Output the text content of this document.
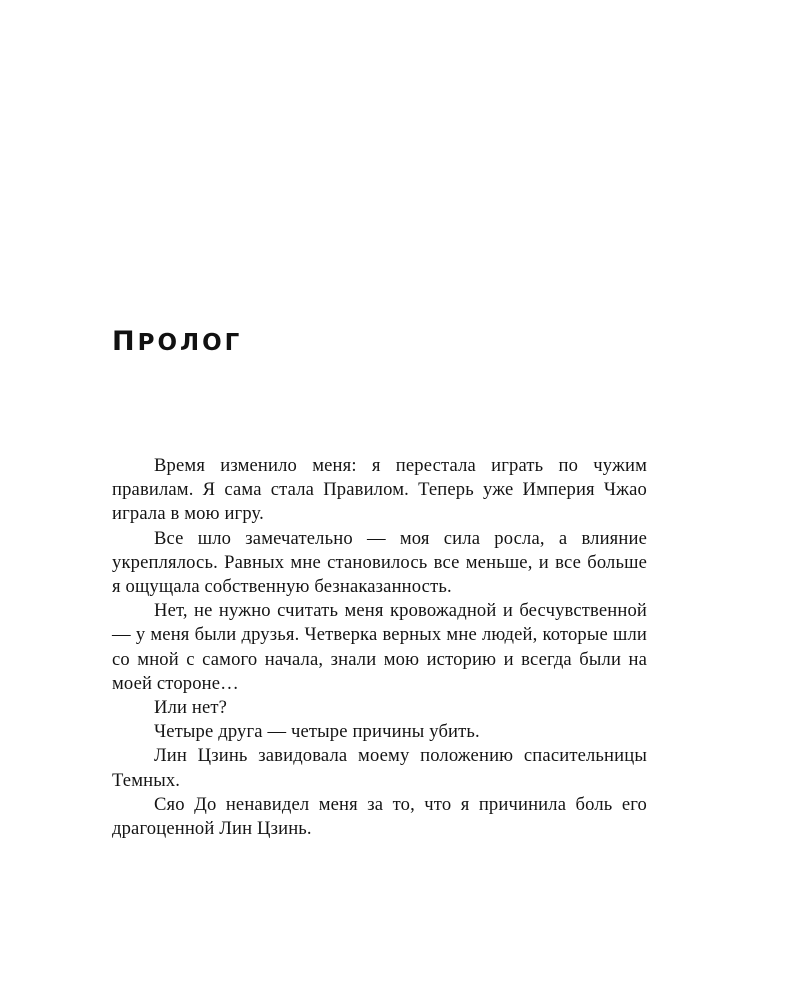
ПРОЛОГ

Время изменило меня: я перестала играть по чужим правилам. Я сама стала Правилом. Теперь уже Империя Чжао играла в мою игру.

Все шло замечательно — моя сила росла, а влияние укреплялось. Равных мне становилось все меньше, и все больше я ощущала собственную безнаказанность.

Нет, не нужно считать меня кровожадной и бесчувственной — у меня были друзья. Четверка верных мне людей, которые шли со мной с самого начала, знали мою историю и всегда были на моей стороне…

Или нет?

Четыре друга — четыре причины убить.

Лин Цзинь завидовала моему положению спасительницы Темных.

Сяо До ненавидел меня за то, что я причинила боль его драгоценной Лин Цзинь.
